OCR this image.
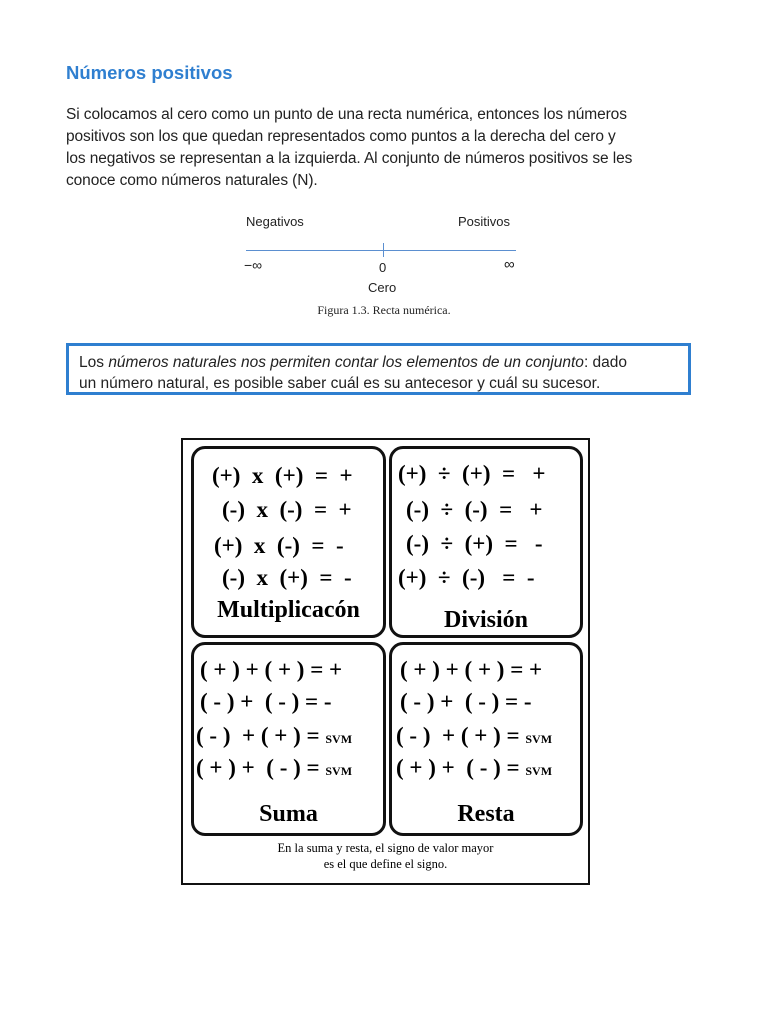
Números positivos
Si colocamos al cero como un punto de una recta numérica, entonces los números
positivos son los que quedan representados como puntos a la derecha del cero y
los negativos se representan a la izquierda. Al conjunto de números positivos se les
conoce como números naturales (N).
Negativos	Positivos
−∞	0	∞
Cero
Figura 1.3. Recta numérica.
Los números naturales nos permiten contar los elementos de un conjunto: dado
un número natural, es posible saber cuál es su antecesor y cuál su sucesor.
(+)  x  (+)  =  +
(-)  x  (-)  =  +
(+)  x  (-)  =  -
(-)  x  (+)  =  -
Multiplicacón
(+)  ÷  (+)  =   +
(-)  ÷  (-)  =   +
(-)  ÷  (+)  =   -
(+)  ÷  (-)   =  -
División
( + ) + ( + ) = +
( - ) +  ( - ) = -
( - )  + ( + ) = SVM
( + ) +  ( - ) = SVM
Suma
( + ) + ( + ) = +
( - ) +  ( - ) = -
( - )  + ( + ) = SVM
( + ) +  ( - ) = SVM
Resta
En la suma y resta, el signo de valor mayor
es el que define el signo.
